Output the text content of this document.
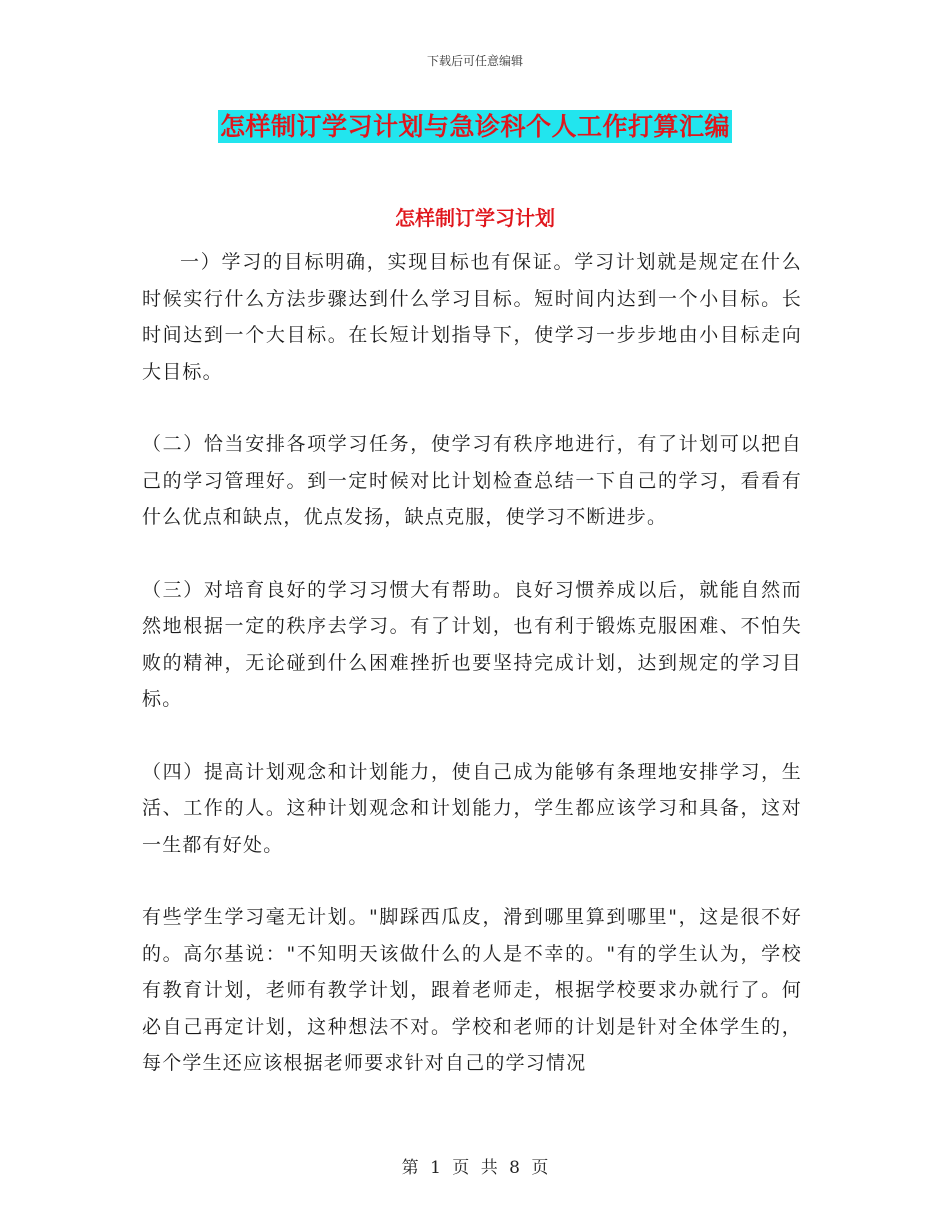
下载后可任意编辑
怎样制订学习计划与急诊科个人工作打算汇编
怎样制订学习计划

一）学习的目标明确，实现目标也有保证。学习计划就是规定在什么时候实行什么方法步骤达到什么学习目标。短时间内达到一个小目标。长时间达到一个大目标。在长短计划指导下，使学习一步步地由小目标走向大目标。

（二）恰当安排各项学习任务，使学习有秩序地进行，有了计划可以把自己的学习管理好。到一定时候对比计划检查总结一下自己的学习，看看有什么优点和缺点，优点发扬，缺点克服，使学习不断进步。

（三）对培育良好的学习习惯大有帮助。良好习惯养成以后，就能自然而然地根据一定的秩序去学习。有了计划，也有利于锻炼克服困难、不怕失败的精神，无论碰到什么困难挫折也要坚持完成计划，达到规定的学习目标。

（四）提高计划观念和计划能力，使自己成为能够有条理地安排学习，生活、工作的人。这种计划观念和计划能力，学生都应该学习和具备，这对一生都有好处。

有些学生学习毫无计划。"脚踩西瓜皮，滑到哪里算到哪里"，这是很不好的。高尔基说："不知明天该做什么的人是不幸的。"有的学生认为，学校有教育计划，老师有教学计划，跟着老师走，根据学校要求办就行了。何必自己再定计划，这种想法不对。学校和老师的计划是针对全体学生的，每个学生还应该根据老师要求针对自己的学习情况

第 1 页 共 8 页
